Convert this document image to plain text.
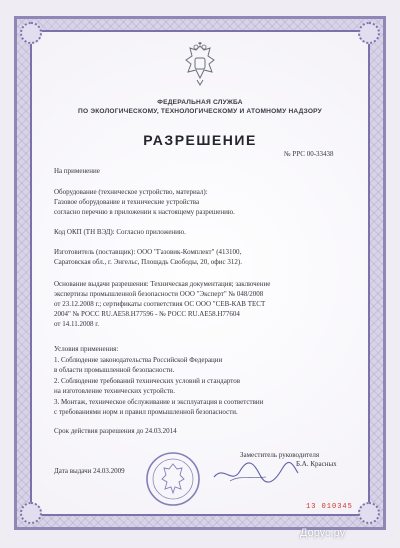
ФЕДЕРАЛЬНАЯ СЛУЖБА
ПО ЭКОЛОГИЧЕСКОМУ, ТЕХНОЛОГИЧЕСКОМУ И АТОМНОМУ НАДЗОРУ
РАЗРЕШЕНИЕ
№ РРС 00-33438
На применение
Оборудование (техническое устройство, материал):
Газовое оборудование и технические устройства
согласно перечню в приложении к настоящему разрешению.
Код ОКП (ТН ВЭД): Согласно приложению.
Изготовитель (поставщик): ООО "Газовик-Комплект" (413100,
Саратовская обл., г. Энгельс, Площадь Свободы, 20, офис 312).
Основание выдачи разрешения: Техническая документация; заключение
экспертизы промышленной безопасности ООО "Эксперт" № 048/2008
от 23.12.2008 г.; сертификаты соответствия ОС ООО "СЕВ-КАВ ТЕСТ
2004" № РОСС RU.AE58.H77596 - № РОСС RU.AE58.H77604
от 14.11.2008 г.
Условия применения:
1. Соблюдение законодательства Российской Федерации
в области промышленной безопасности.
2. Соблюдение требований технических условий и стандартов
на изготовление технических устройств.
3. Монтаж, техническое обслуживание и эксплуатация в соответствии
с требованиями норм и правил промышленной безопасности.
Срок действия разрешения до 24.03.2014
Заместитель руководителя
Б.А. Красных
Дата выдачи 24.03.2009
13 010345
Дорус.ру
